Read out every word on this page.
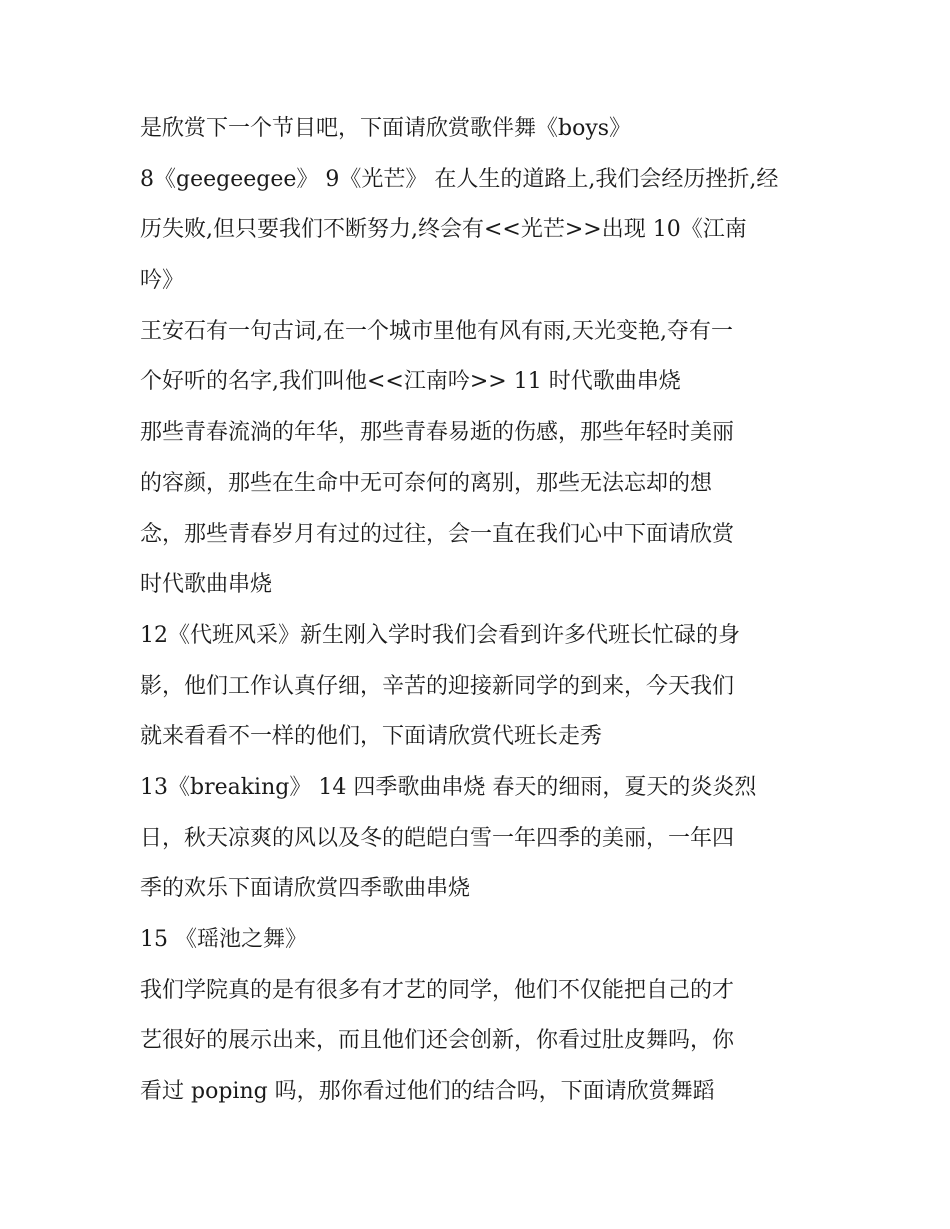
是欣赏下一个节目吧，下面请欣赏歌伴舞《boys》
8《geegeegee》 9《光芒》 在人生的道路上,我们会经历挫折,经
历失败,但只要我们不断努力,终会有<<光芒>>出现 10《江南
吟》
王安石有一句古词,在一个城市里他有风有雨,天光变艳,夺有一
个好听的名字,我们叫他<<江南吟>> 11 时代歌曲串烧
那些青春流淌的年华，那些青春易逝的伤感，那些年轻时美丽
的容颜，那些在生命中无可奈何的离别，那些无法忘却的想
念，那些青春岁月有过的过往，会一直在我们心中下面请欣赏
时代歌曲串烧
12《代班风采》新生刚入学时我们会看到许多代班长忙碌的身
影，他们工作认真仔细，辛苦的迎接新同学的到来，今天我们
就来看看不一样的他们，下面请欣赏代班长走秀
13《breaking》 14 四季歌曲串烧 春天的细雨，夏天的炎炎烈
日，秋天凉爽的风以及冬的皑皑白雪一年四季的美丽，一年四
季的欢乐下面请欣赏四季歌曲串烧
15 《瑶池之舞》
我们学院真的是有很多有才艺的同学，他们不仅能把自己的才
艺很好的展示出来，而且他们还会创新，你看过肚皮舞吗，你
看过 poping 吗，那你看过他们的结合吗，下面请欣赏舞蹈
